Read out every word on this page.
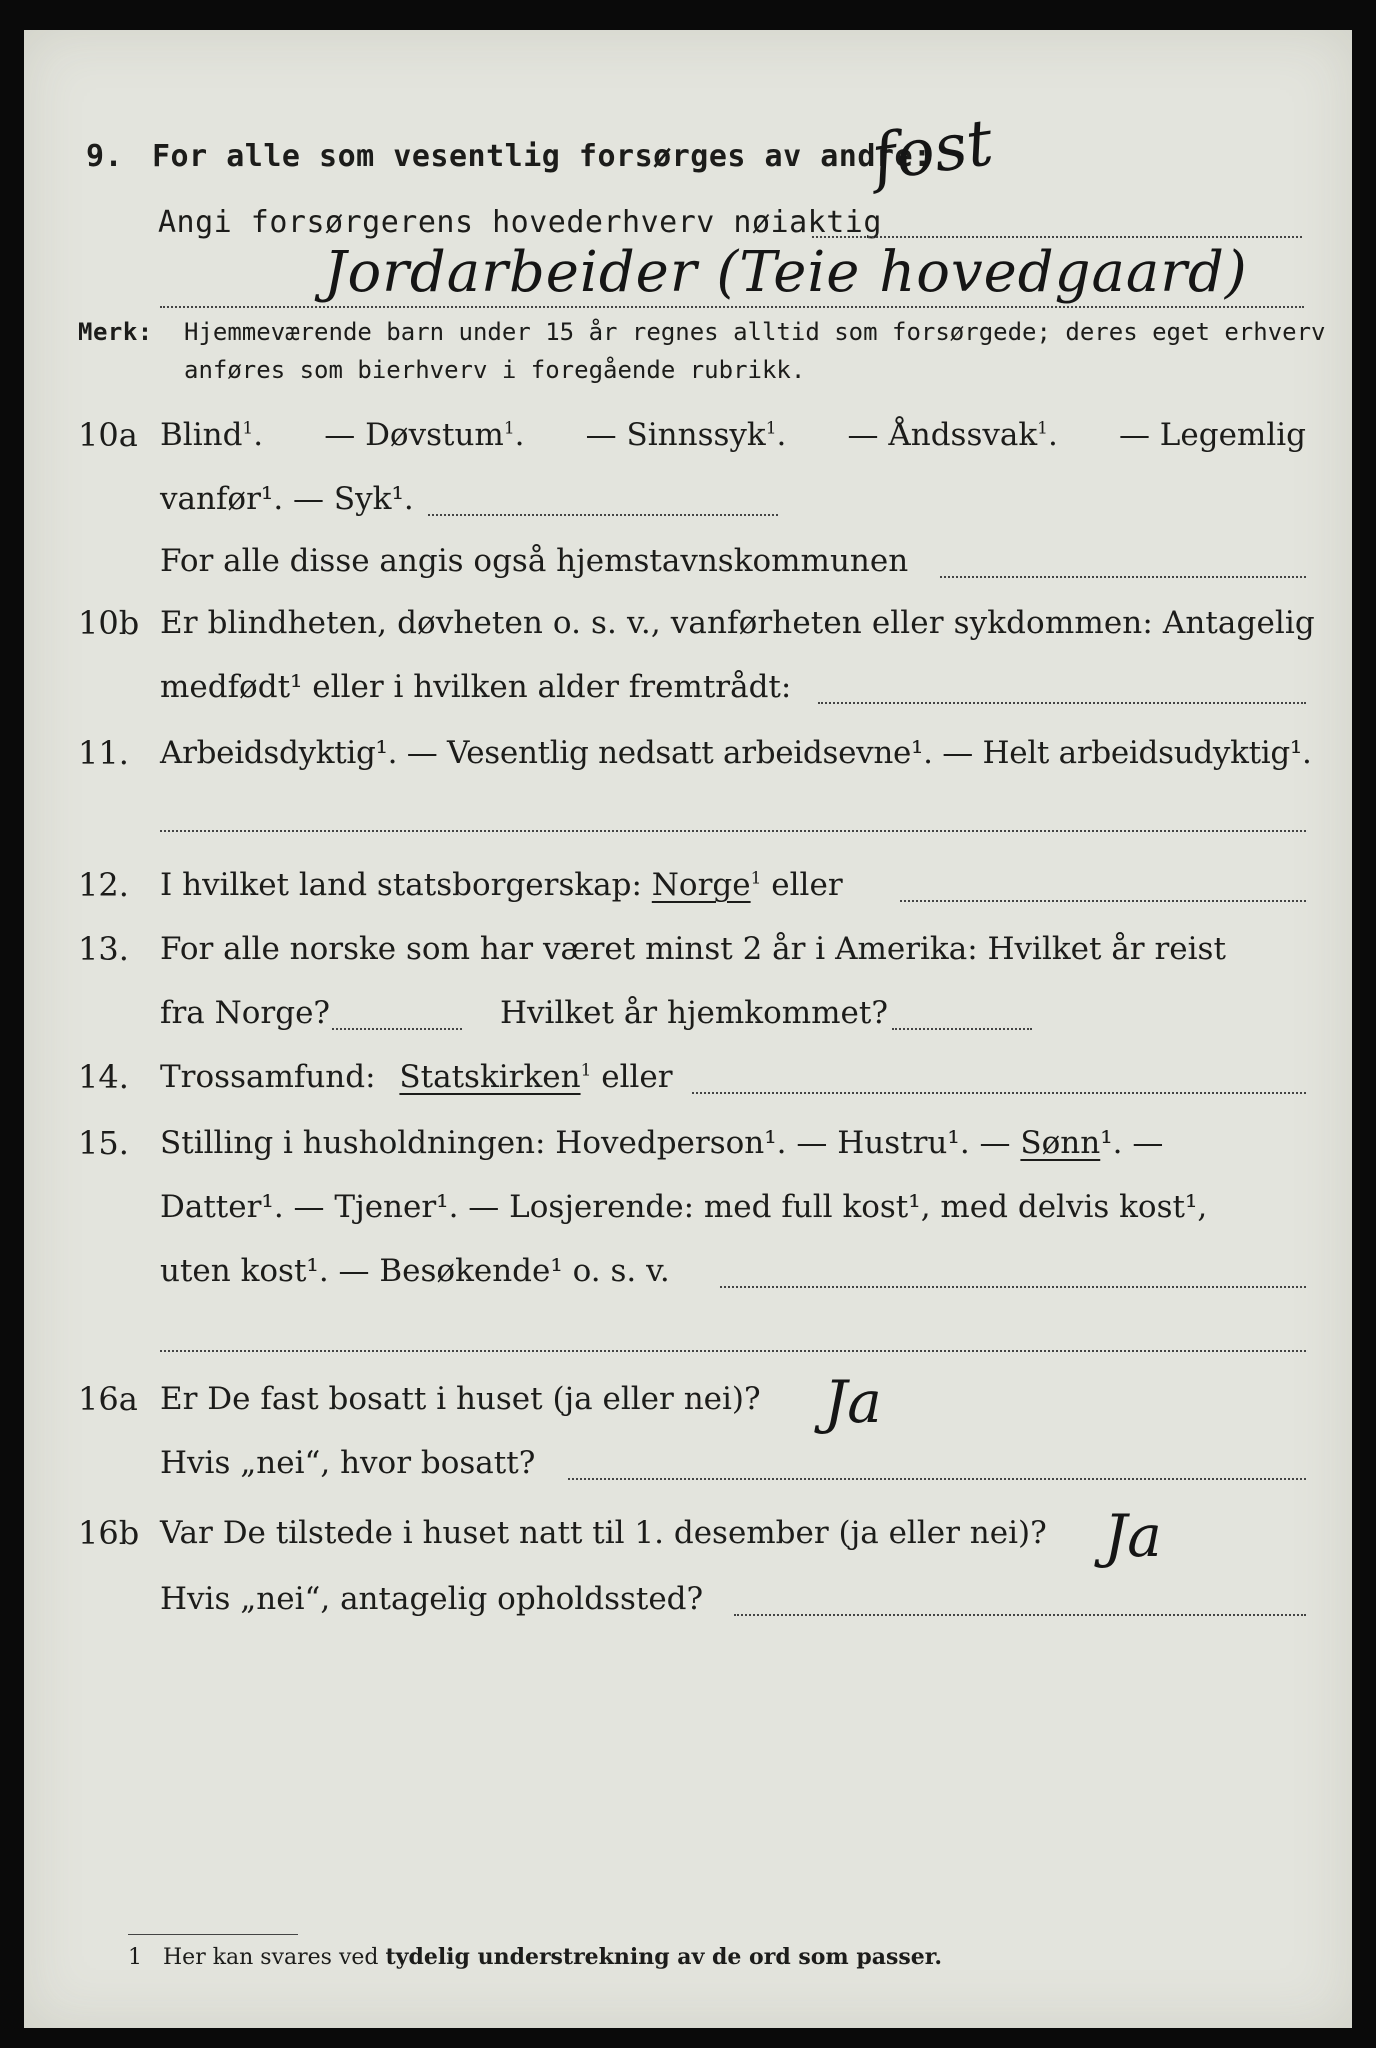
9. For alle som vesentlig forsørges av andre:
fost
Angi forsørgerens hovederhverv nøiaktig
Jordarbeider (Teie hovedgaard)
Merk: Hjemmeværende barn under 15 år regnes alltid som forsørgede; deres eget erhverv
anføres som bierhverv i foregående rubrikk.
10a Blind$^1$. — Døvstum$^1$. — Sinnssyk$^1$. — Åndssvak$^1$. — Legemlig
vanfør¹. — Syk¹.
For alle disse angis også hjemstavnskommunen
10b Er blindheten, døvheten o. s. v., vanførheten eller sykdommen: Antagelig
medfødt¹ eller i hvilken alder fremtrådt:
11. Arbeidsdyktig¹. — Vesentlig nedsatt arbeidsevne¹. — Helt arbeidsudyktig¹.
12. I hvilket land statsborgerskap: Norge$^1$ eller
13. For alle norske som har været minst 2 år i Amerika: Hvilket år reist
fra Norge?	Hvilket år hjemkommet?
14. Trossamfund: Statskirken$^1$ eller
15. Stilling i husholdningen: Hovedperson¹. — Hustru¹. — Sønn¹. —
Datter¹. — Tjener¹. — Losjerende: med full kost¹, med delvis kost¹,
uten kost¹. — Besøkende¹ o. s. v.
16a Er De fast bosatt i huset (ja eller nei)? Ja
Hvis „nei“, hvor bosatt?
16b Var De tilstede i huset natt til 1. desember (ja eller nei)? Ja
Hvis „nei“, antagelig opholdssted?
1 Her kan svares ved tydelig understrekning av de ord som passer.
